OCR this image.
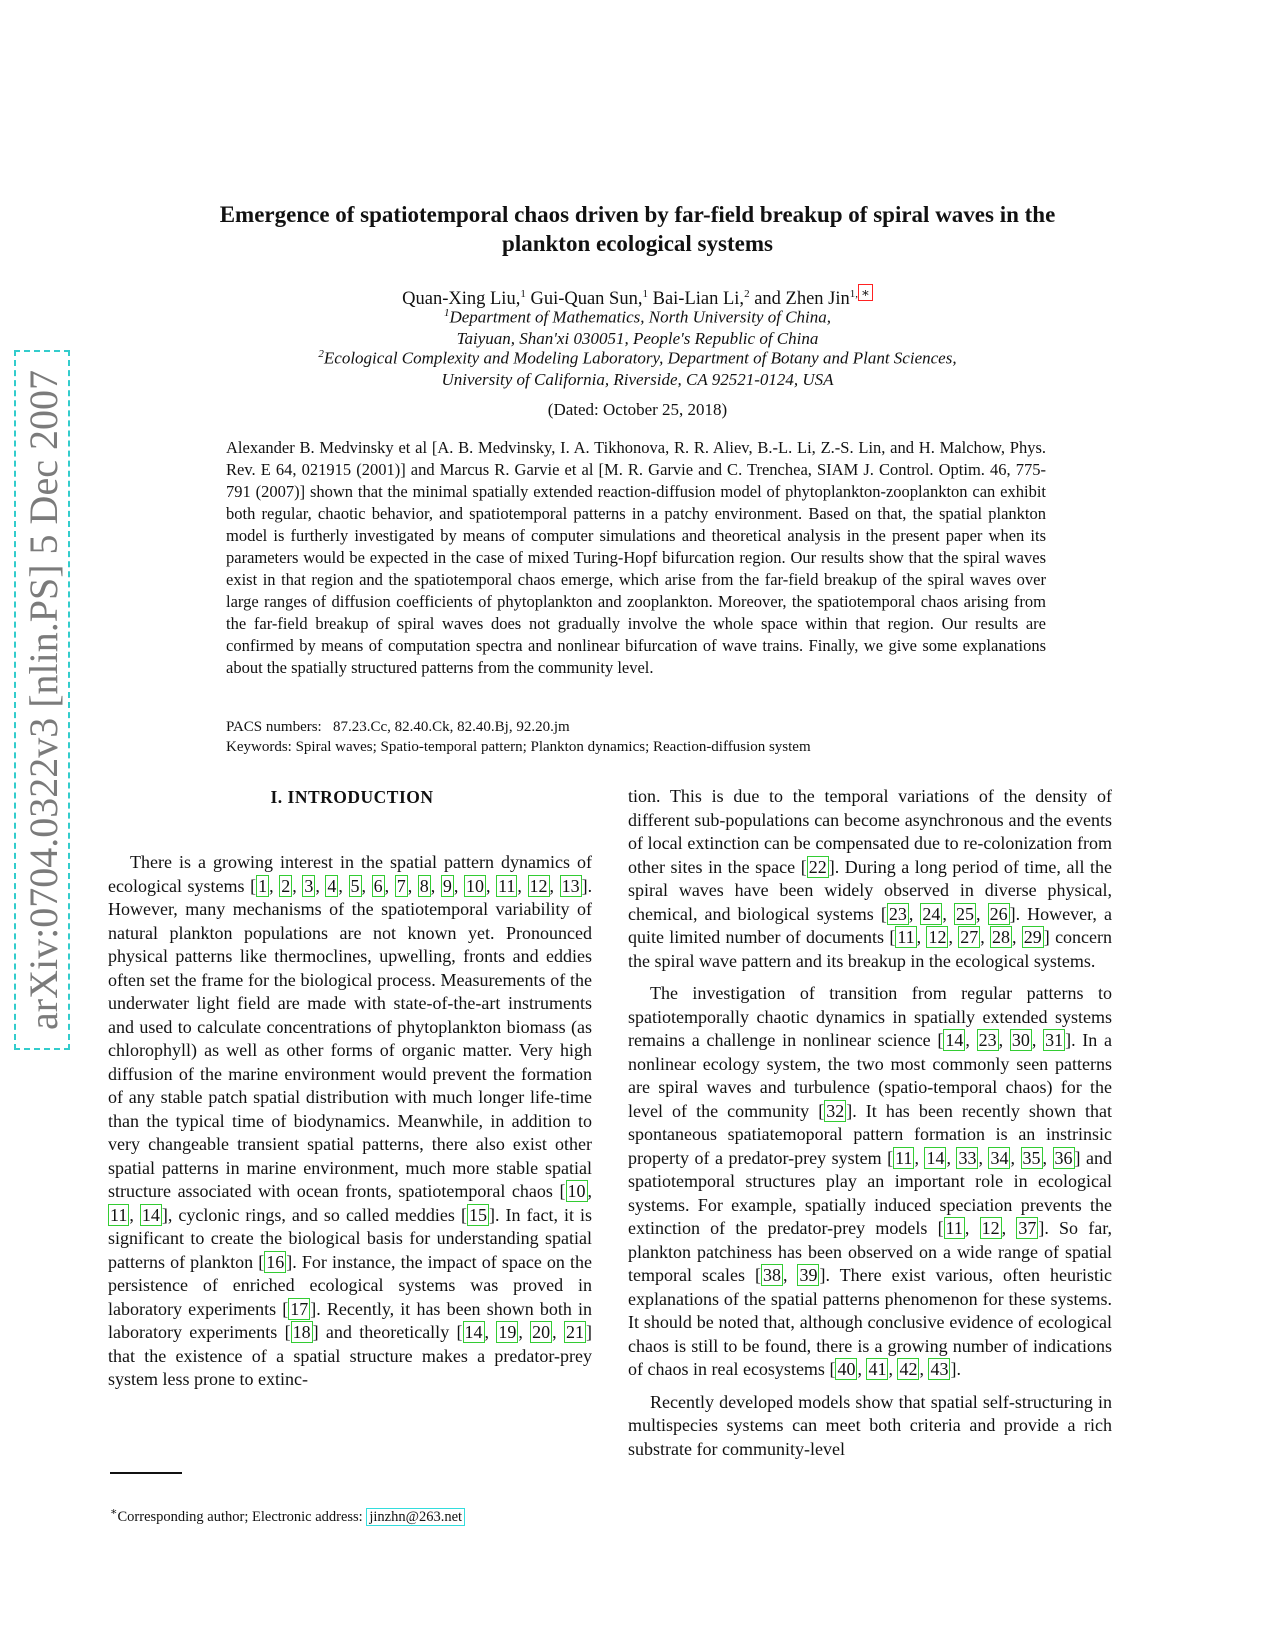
arXiv:0704.0322v3 [nlin.PS] 5 Dec 2007
Emergence of spatiotemporal chaos driven by far-field breakup of spiral waves in the
plankton ecological systems
Quan-Xing Liu,$^1$ Gui-Quan Sun,$^1$ Bai-Lian Li,$^2$ and Zhen Jin$^{1,}$ ∗
$^1$Department of Mathematics, North University of China,
Taiyuan, Shan'xi 030051, People's Republic of China
$^2$Ecological Complexity and Modeling Laboratory, Department of Botany and Plant Sciences,
University of California, Riverside, CA 92521-0124, USA
(Dated: October 25, 2018)
Alexander B. Medvinsky et al [A. B. Medvinsky, I. A. Tikhonova, R. R. Aliev, B.-L. Li, Z.-S. Lin, and H. Malchow, Phys. Rev. E 64, 021915 (2001)] and Marcus R. Garvie et al [M. R. Garvie and C. Trenchea, SIAM J. Control. Optim. 46, 775-791 (2007)] shown that the minimal spatially extended reaction-diffusion model of phytoplankton-zooplankton can exhibit both regular, chaotic behavior, and spatiotemporal patterns in a patchy environment. Based on that, the spatial plankton model is furtherly investigated by means of computer simulations and theoretical analysis in the present paper when its parameters would be expected in the case of mixed Turing-Hopf bifurcation region. Our results show that the spiral waves exist in that region and the spatiotemporal chaos emerge, which arise from the far-field breakup of the spiral waves over large ranges of diffusion coefficients of phytoplankton and zooplankton. Moreover, the spatiotemporal chaos arising from the far-field breakup of spiral waves does not gradually involve the whole space within that region. Our results are confirmed by means of computation spectra and nonlinear bifurcation of wave trains. Finally, we give some explanations about the spatially structured patterns from the community level.
PACS numbers: 87.23.Cc, 82.40.Ck, 82.40.Bj, 92.20.jm
Keywords: Spiral waves; Spatio-temporal pattern; Plankton dynamics; Reaction-diffusion system
I. INTRODUCTION

There is a growing interest in the spatial pattern dynamics of ecological systems [ 1 , 2 , 3 , 4 , 5 , 6 , 7 , 8 , 9 , 10 , 11 , 12 , 13 ]. However, many mechanisms of the spatiotemporal variability of natural plankton populations are not known yet. Pronounced physical patterns like thermoclines, upwelling, fronts and eddies often set the frame for the biological process. Measurements of the underwater light field are made with state-of-the-art instruments and used to calculate concentrations of phytoplankton biomass (as chlorophyll) as well as other forms of organic matter. Very high diffusion of the marine environment would prevent the formation of any stable patch spatial distribution with much longer life-time than the typical time of biodynamics. Meanwhile, in addition to very changeable transient spatial patterns, there also exist other spatial patterns in marine environment, much more stable spatial structure associated with ocean fronts, spatiotemporal chaos [ 10 , 11 , 14 ], cyclonic rings, and so called meddies [ 15 ]. In fact, it is significant to create the biological basis for understanding spatial patterns of plankton [ 16 ]. For instance, the impact of space on the persistence of enriched ecological systems was proved in laboratory experiments [ 17 ]. Recently, it has been shown both in laboratory experiments [ 18 ] and theoretically [ 14 , 19 , 20 , 21 ] that the existence of a spatial structure makes a predator-prey system less prone to extinc-

tion. This is due to the temporal variations of the density of different sub-populations can become asynchronous and the events of local extinction can be compensated due to re-colonization from other sites in the space [ 22 ]. During a long period of time, all the spiral waves have been widely observed in diverse physical, chemical, and biological systems [ 23 , 24 , 25 , 26 ]. However, a quite limited number of documents [ 11 , 12 , 27 , 28 , 29 ] concern the spiral wave pattern and its breakup in the ecological systems.

The investigation of transition from regular patterns to spatiotemporally chaotic dynamics in spatially extended systems remains a challenge in nonlinear science [ 14 , 23 , 30 , 31 ]. In a nonlinear ecology system, the two most commonly seen patterns are spiral waves and turbulence (spatio-temporal chaos) for the level of the community [ 32 ]. It has been recently shown that spontaneous spatiatemoporal pattern formation is an instrinsic property of a predator-prey system [ 11 , 14 , 33 , 34 , 35 , 36 ] and spatiotemporal structures play an important role in ecological systems. For example, spatially induced speciation prevents the extinction of the predator-prey models [ 11 , 12 , 37 ]. So far, plankton patchiness has been observed on a wide range of spatial temporal scales [ 38 , 39 ]. There exist various, often heuristic explanations of the spatial patterns phenomenon for these systems. It should be noted that, although conclusive evidence of ecological chaos is still to be found, there is a growing number of indications of chaos in real ecosystems [ 40 , 41 , 42 , 43 ].

Recently developed models show that spatial self-structuring in multispecies systems can meet both criteria and provide a rich substrate for community-level

∗Corresponding author; Electronic address: jinzhn@263.net
